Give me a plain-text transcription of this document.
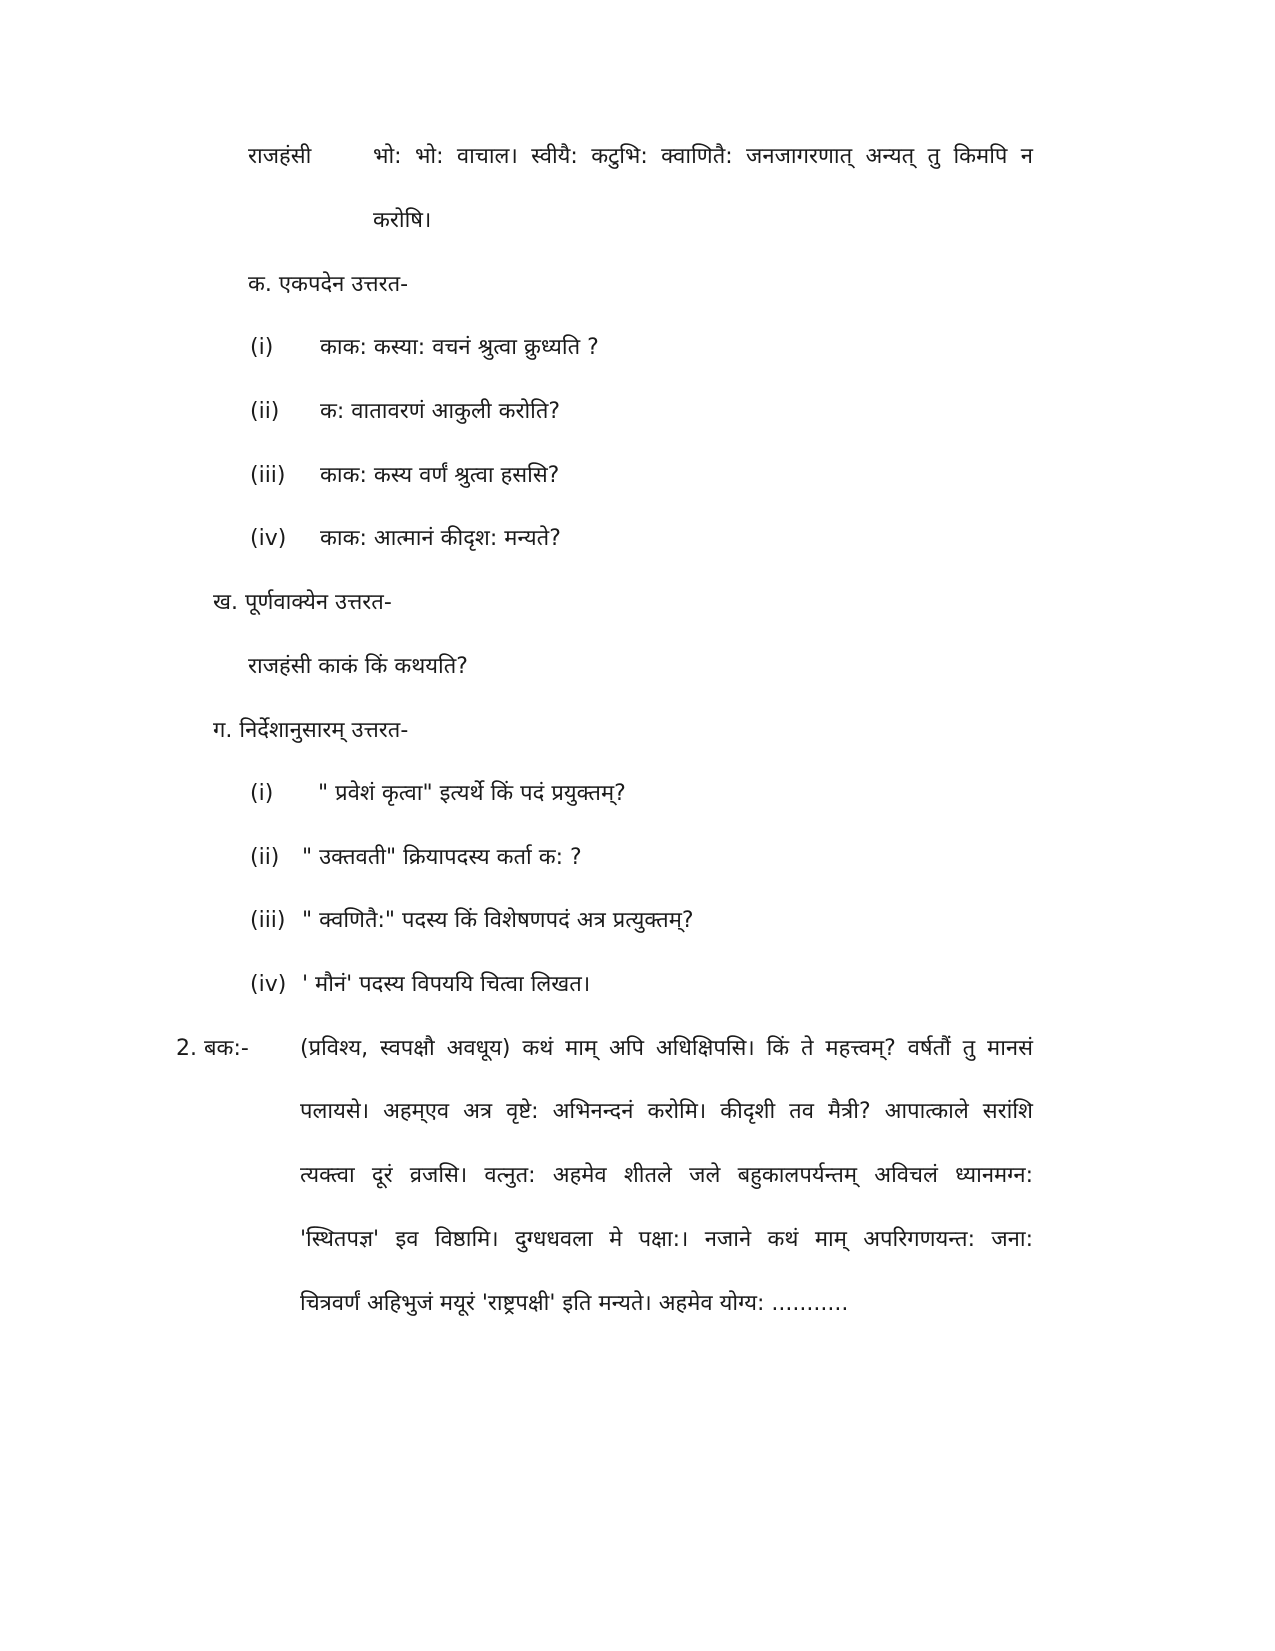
राजहंसी	भो: भो: वाचाल। स्वीयै: कटुभि: क्वाणितै: जनजागरणात् अन्यत् तु किमपि न
करोषि।
क. एकपदेन उत्तरत-
(i) काक: कस्या: वचनं श्रुत्वा क्रुध्यति ?
(ii) क: वातावरणं आकुली करोति?
(iii) काक: कस्य वर्णं श्रुत्वा हससि?
(iv) काक: आत्मानं कीदृश: मन्यते?
ख. पूर्णवाक्येन उत्तरत-
राजहंसी काकं किं कथयति?
ग. निर्देशानुसारम् उत्तरत-
(i) " प्रवेशं कृत्वा" इत्यर्थे किं पदं प्रयुक्तम्?
(ii) " उक्तवती" क्रियापदस्य कर्ता क: ?
(iii) " क्वणितै:" पदस्य किं विशेषणपदं अत्र प्रत्युक्तम्?
(iv) ' मौनं' पदस्य विपययि चित्वा लिखत।
2. बक:- (प्रविश्य, स्वपक्षौ अवधूय) कथं माम् अपि अधिक्षिपसि। किं ते महत्त्वम्? वर्षतौं तु मानसं
पलायसे। अहम्एव अत्र वृष्टे: अभिनन्दनं करोमि। कीदृशी तव मैत्री? आपात्काले सरांशि
त्यक्त्वा दूरं व्रजसि। वत्नुत: अहमेव शीतले जले बहुकालपर्यन्तम् अविचलं ध्यानमग्न:
'स्थितपज्ञ' इव विष्ठामि। दुग्धधवला मे पक्षा:। नजाने कथं माम् अपरिगणयन्त: जना:
चित्रवर्णं अहिभुजं मयूरं 'राष्ट्रपक्षी' इति मन्यते। अहमेव योग्य: ...........
